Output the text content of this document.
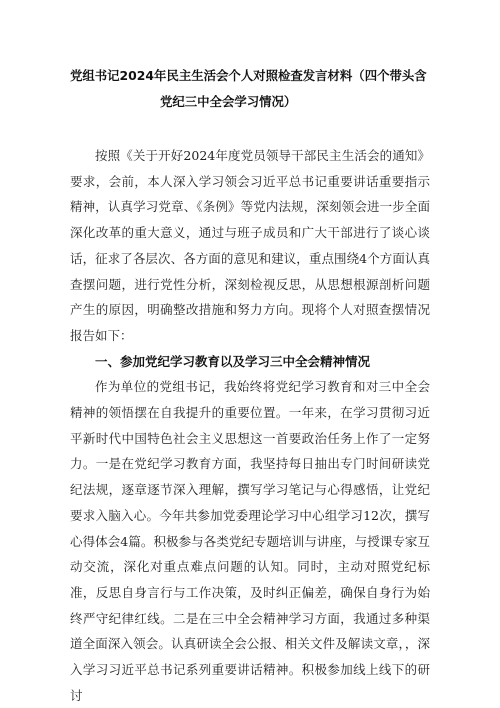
党组书记2024年民主生活会个人对照检查发言材料（四个带头含
党纪三中全会学习情况）

按照《关于开好2024年度党员领导干部民主生活会的通知》要求，会前，本人深入学习领会习近平总书记重要讲话重要指示精神，认真学习党章、《条例》等党内法规，深刻领会进一步全面深化改革的重大意义，通过与班子成员和广大干部进行了谈心谈话，征求了各层次、各方面的意见和建议，重点围绕4个方面认真查摆问题，进行党性分析，深刻检视反思，从思想根源剖析问题产生的原因，明确整改措施和努力方向。现将个人对照查摆情况报告如下：

一、参加党纪学习教育以及学习三中全会精神情况

作为单位的党组书记，我始终将党纪学习教育和对三中全会精神的领悟摆在自我提升的重要位置。一年来，在学习贯彻习近平新时代中国特色社会主义思想这一首要政治任务上作了一定努力。一是在党纪学习教育方面，我坚持每日抽出专门时间研读党纪法规，逐章逐节深入理解，撰写学习笔记与心得感悟，让党纪要求入脑入心。今年共参加党委理论学习中心组学习12次，撰写心得体会4篇。积极参与各类党纪专题培训与讲座，与授课专家互动交流，深化对重点难点问题的认知。同时，主动对照党纪标准，反思自身言行与工作决策，及时纠正偏差，确保自身行为始终严守纪律红线。二是在三中全会精神学习方面，我通过多种渠道全面深入领会。认真研读全会公报、相关文件及解读文章，，深入学习习近平总书记系列重要讲话精神。积极参加线上线下的研讨
